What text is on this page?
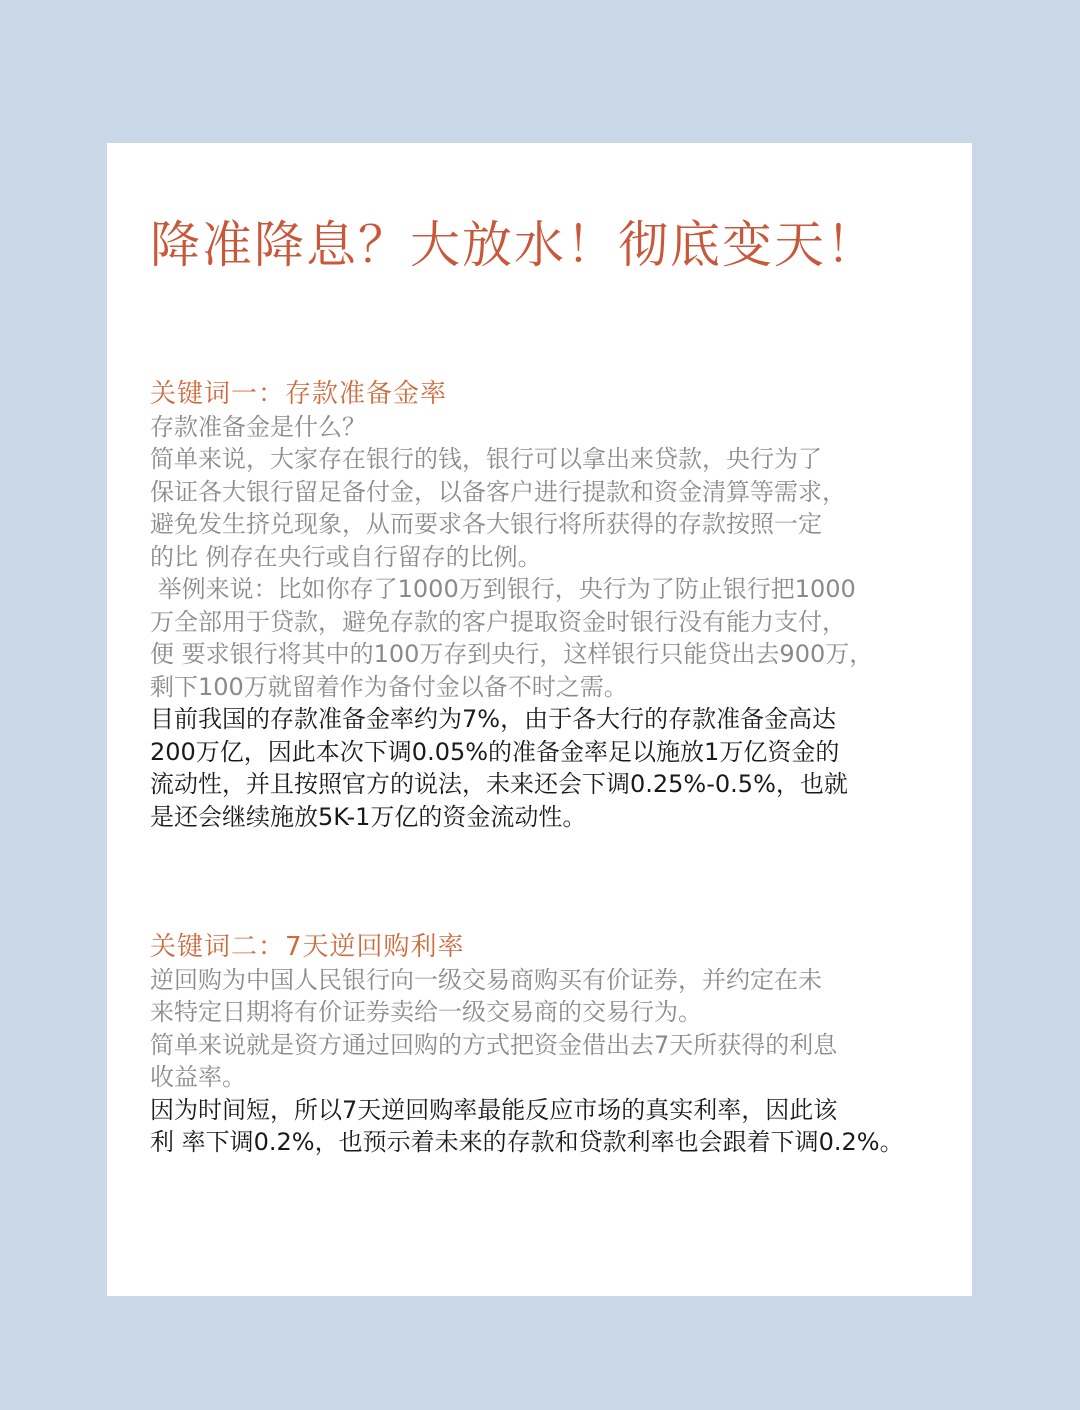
降准降息？大放水！彻底变天！

关键词一：存款准备金率

存款准备金是什么？

简单来说，大家存在银行的钱，银行可以拿出来贷款，央行为了
保证各大银行留足备付金，以备客户进行提款和资金清算等需求，
避免发生挤兑现象，从而要求各大银行将所获得的存款按照一定
的比 例存在央行或自行留存的比例。

举例来说：比如你存了1000万到银行，央行为了防止银行把1000
万全部用于贷款，避免存款的客户提取资金时银行没有能力支付，
便 要求银行将其中的100万存到央行，这样银行只能贷出去900万，
剩下100万就留着作为备付金以备不时之需。

目前我国的存款准备金率约为7%，由于各大行的存款准备金高达
200万亿，因此本次下调0.05%的准备金率足以施放1万亿资金的
流动性，并且按照官方的说法，未来还会下调0.25%-0.5%，也就
是还会继续施放5K-1万亿的资金流动性。

关键词二：7天逆回购利率

逆回购为中国人民银行向一级交易商购买有价证券，并约定在未
来特定日期将有价证券卖给一级交易商的交易行为。

简单来说就是资方通过回购的方式把资金借出去7天所获得的利息
收益率。

因为时间短，所以7天逆回购率最能反应市场的真实利率，因此该
利 率下调0.2%，也预示着未来的存款和贷款利率也会跟着下调0.2%。
